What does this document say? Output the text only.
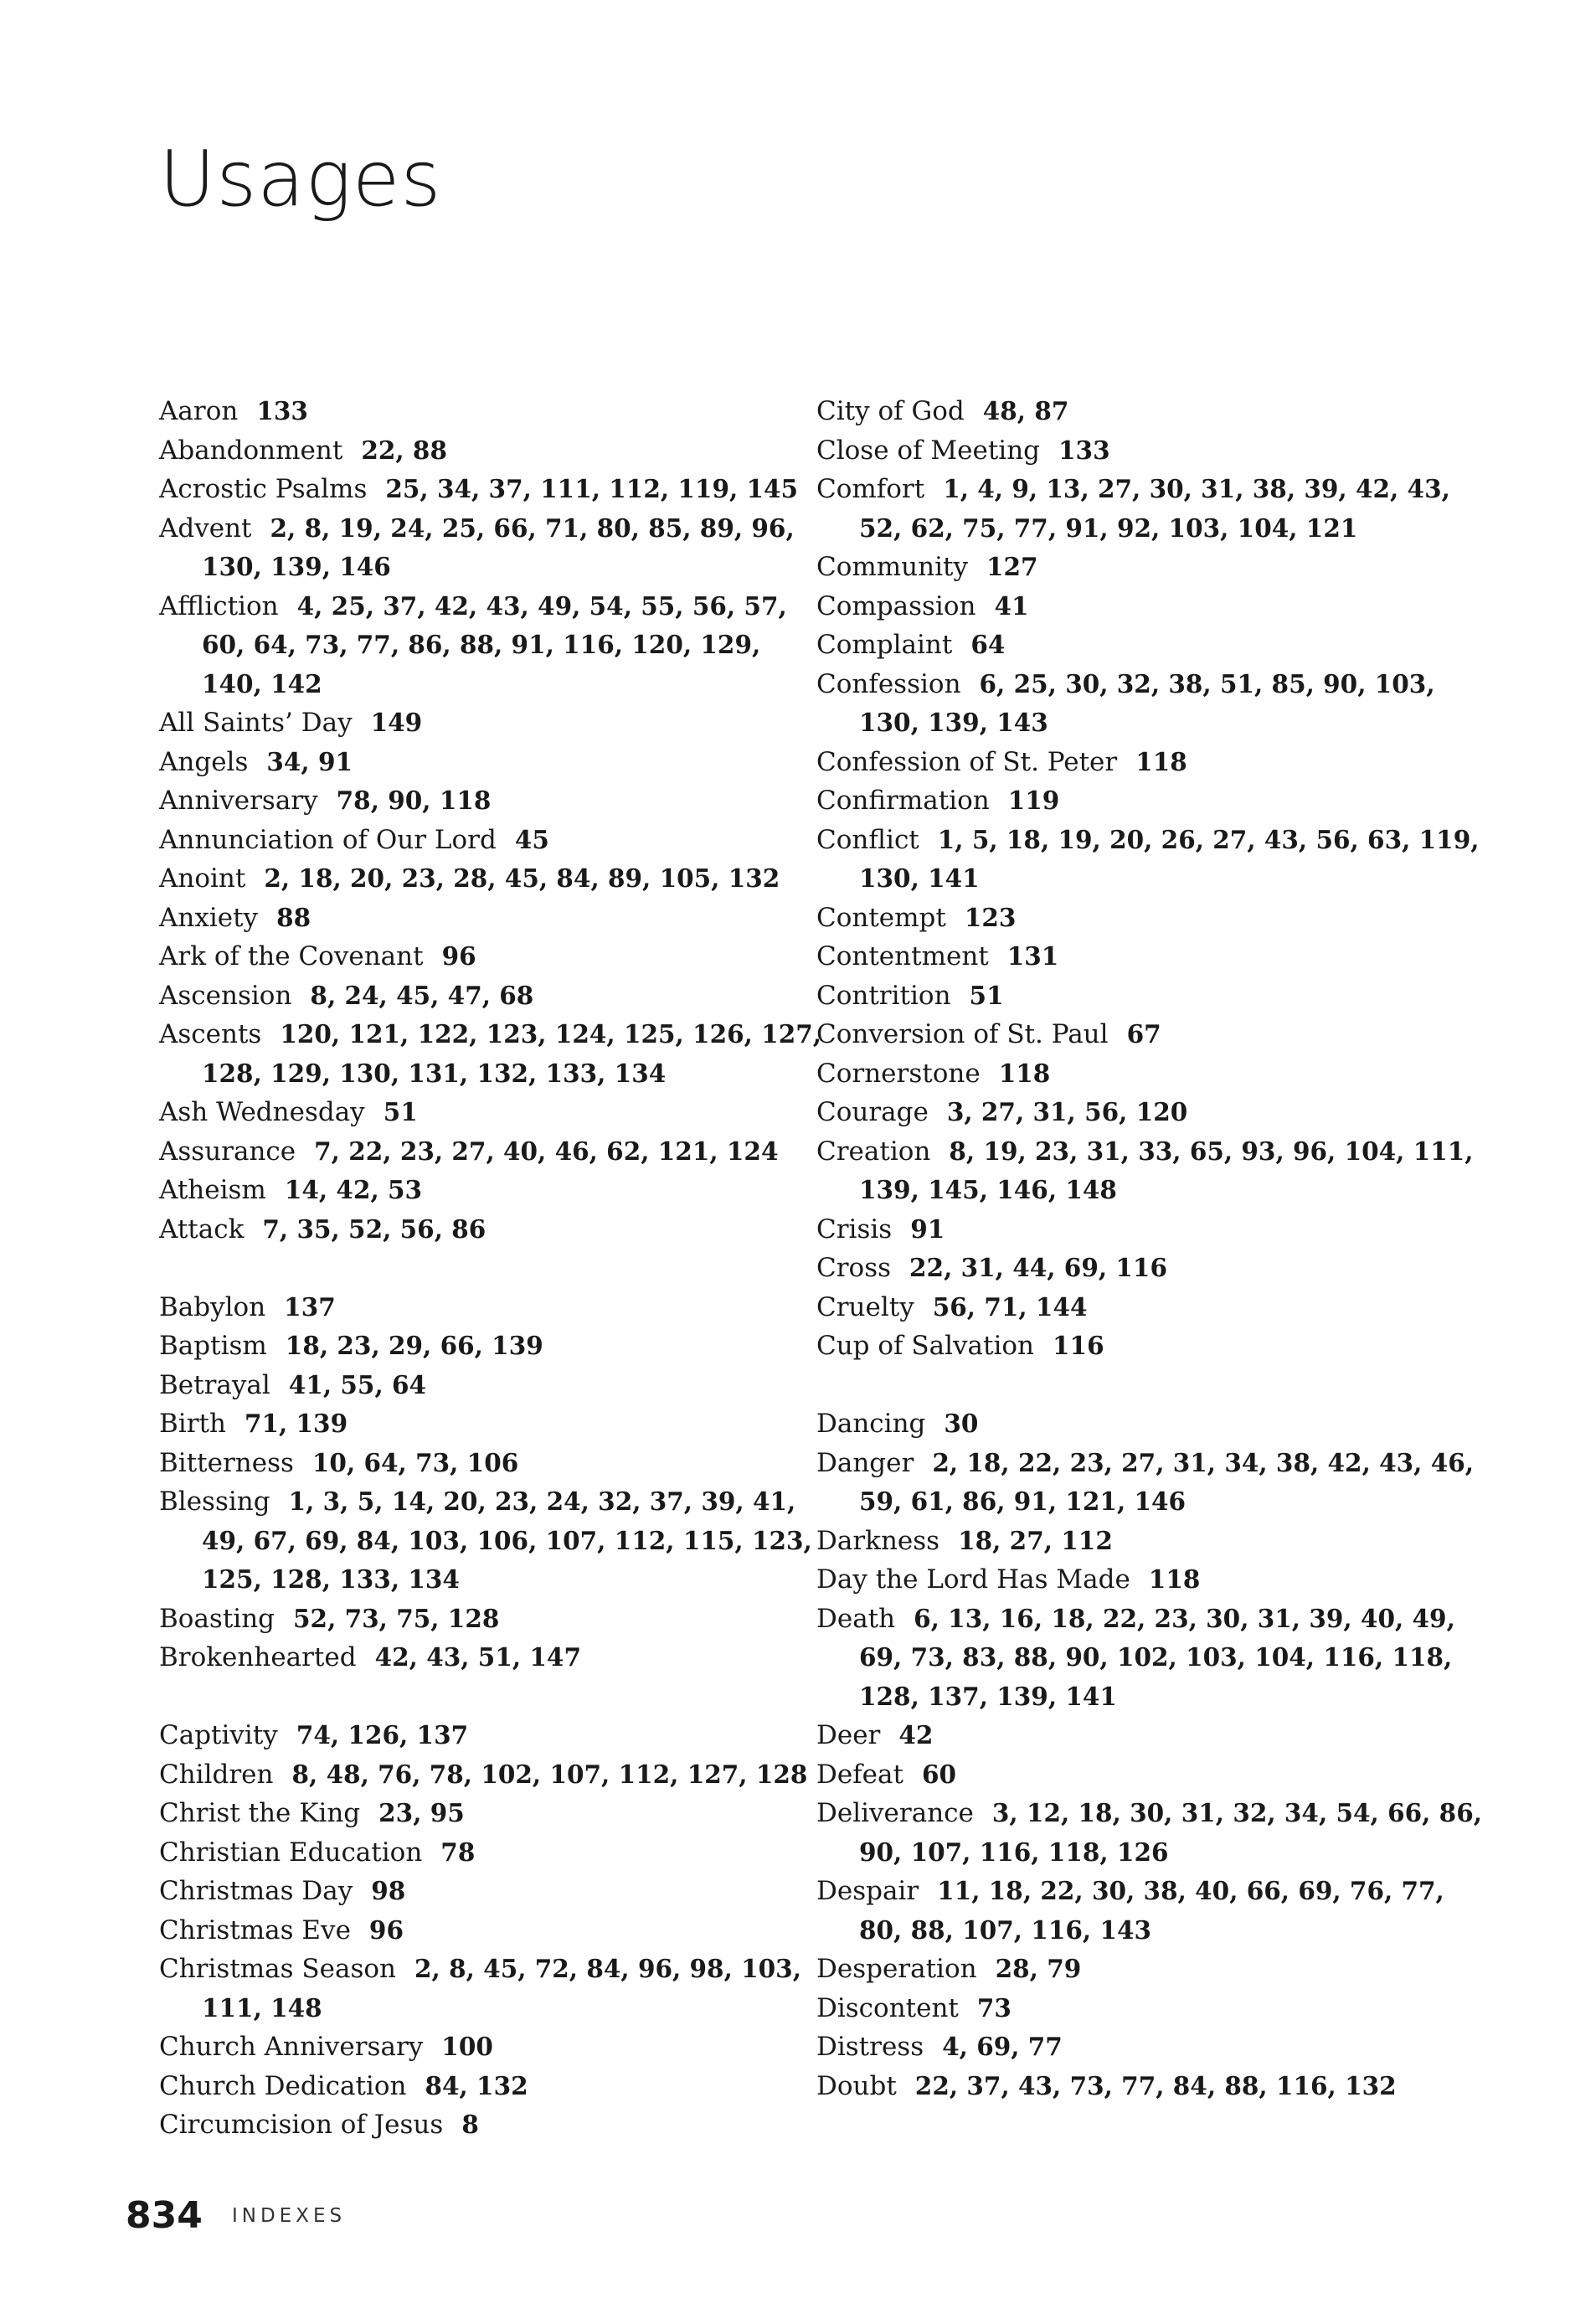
Usages
Aaron 133
Abandonment 22, 88
Acrostic Psalms 25, 34, 37, 111, 112, 119, 145
Advent 2, 8, 19, 24, 25, 66, 71, 80, 85, 89, 96, 130, 139, 146
Affliction 4, 25, 37, 42, 43, 49, 54, 55, 56, 57, 60, 64, 73, 77, 86, 88, 91, 116, 120, 129, 140, 142
All Saints’ Day 149
Angels 34, 91
Anniversary 78, 90, 118
Annunciation of Our Lord 45
Anoint 2, 18, 20, 23, 28, 45, 84, 89, 105, 132
Anxiety 88
Ark of the Covenant 96
Ascension 8, 24, 45, 47, 68
Ascents 120, 121, 122, 123, 124, 125, 126, 127, 128, 129, 130, 131, 132, 133, 134
Ash Wednesday 51
Assurance 7, 22, 23, 27, 40, 46, 62, 121, 124
Atheism 14, 42, 53
Attack 7, 35, 52, 56, 86
Babylon 137
Baptism 18, 23, 29, 66, 139
Betrayal 41, 55, 64
Birth 71, 139
Bitterness 10, 64, 73, 106
Blessing 1, 3, 5, 14, 20, 23, 24, 32, 37, 39, 41, 49, 67, 69, 84, 103, 106, 107, 112, 115, 123, 125, 128, 133, 134
Boasting 52, 73, 75, 128
Brokenhearted 42, 43, 51, 147
Captivity 74, 126, 137
Children 8, 48, 76, 78, 102, 107, 112, 127, 128
Christ the King 23, 95
Christian Education 78
Christmas Day 98
Christmas Eve 96
Christmas Season 2, 8, 45, 72, 84, 96, 98, 103, 111, 148
Church Anniversary 100
Church Dedication 84, 132
Circumcision of Jesus 8
City of God 48, 87
Close of Meeting 133
Comfort 1, 4, 9, 13, 27, 30, 31, 38, 39, 42, 43, 52, 62, 75, 77, 91, 92, 103, 104, 121
Community 127
Compassion 41
Complaint 64
Confession 6, 25, 30, 32, 38, 51, 85, 90, 103, 130, 139, 143
Confession of St. Peter 118
Confirmation 119
Conflict 1, 5, 18, 19, 20, 26, 27, 43, 56, 63, 119, 130, 141
Contempt 123
Contentment 131
Contrition 51
Conversion of St. Paul 67
Cornerstone 118
Courage 3, 27, 31, 56, 120
Creation 8, 19, 23, 31, 33, 65, 93, 96, 104, 111, 139, 145, 146, 148
Crisis 91
Cross 22, 31, 44, 69, 116
Cruelty 56, 71, 144
Cup of Salvation 116
Dancing 30
Danger 2, 18, 22, 23, 27, 31, 34, 38, 42, 43, 46, 59, 61, 86, 91, 121, 146
Darkness 18, 27, 112
Day the Lord Has Made 118
Death 6, 13, 16, 18, 22, 23, 30, 31, 39, 40, 49, 69, 73, 83, 88, 90, 102, 103, 104, 116, 118, 128, 137, 139, 141
Deer 42
Defeat 60
Deliverance 3, 12, 18, 30, 31, 32, 34, 54, 66, 86, 90, 107, 116, 118, 126
Despair 11, 18, 22, 30, 38, 40, 66, 69, 76, 77, 80, 88, 107, 116, 143
Desperation 28, 79
Discontent 73
Distress 4, 69, 77
Doubt 22, 37, 43, 73, 77, 84, 88, 116, 132
834 INDEXES
